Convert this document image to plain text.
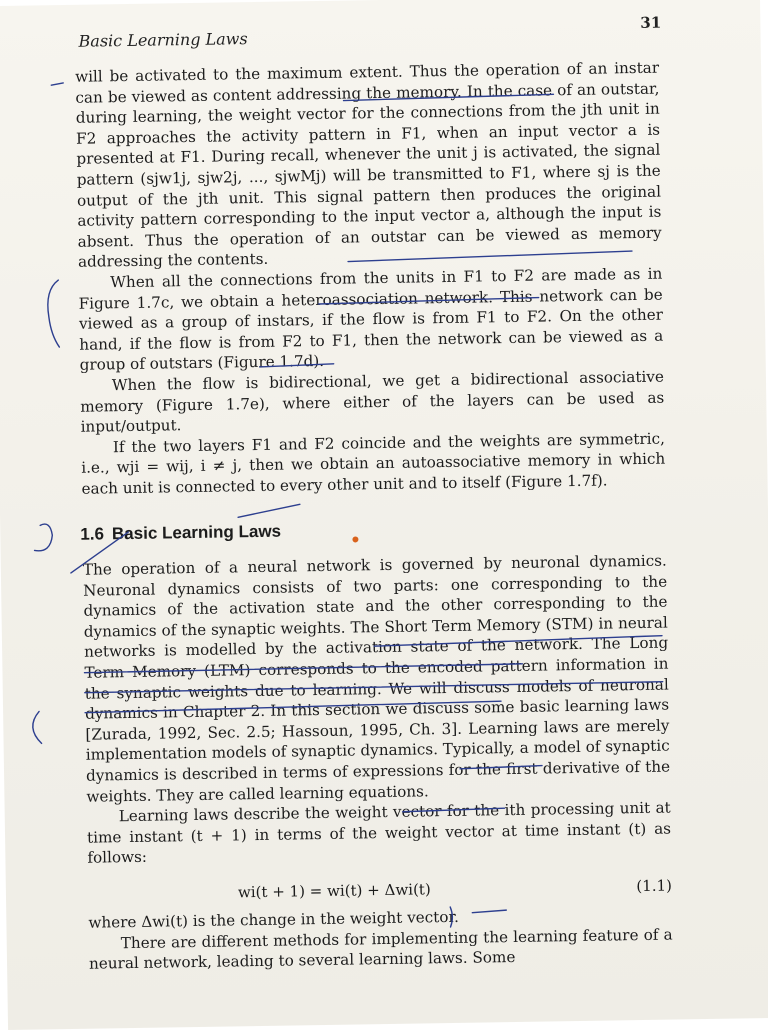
Basic Learning Laws
31

will be activated to the maximum extent. Thus the operation of an instar can be viewed as content addressing the memory. In the case of an outstar, during learning, the weight vector for the connections from the jth unit in F2 approaches the activity pattern in F1, when an input vector a is presented at F1. During recall, whenever the unit j is activated, the signal pattern (sjw1j, sjw2j, ..., sjwMj) will be transmitted to F1, where sj is the output of the jth unit. This signal pattern then produces the original activity pattern corresponding to the input vector a, although the input is absent. Thus the operation of an outstar can be viewed as memory addressing the contents.

When all the connections from the units in F1 to F2 are made as in Figure 1.7c, we obtain a heteroassociation network. This network can be viewed as a group of instars, if the flow is from F1 to F2. On the other hand, if the flow is from F2 to F1, then the network can be viewed as a group of outstars (Figure 1.7d).

When the flow is bidirectional, we get a bidirectional associative memory (Figure 1.7e), where either of the layers can be used as input/output.

If the two layers F1 and F2 coincide and the weights are symmetric, i.e., wji = wij, i ≠ j, then we obtain an autoassociative memory in which each unit is connected to every other unit and to itself (Figure 1.7f).

1.6 Basic Learning Laws

The operation of a neural network is governed by neuronal dynamics. Neuronal dynamics consists of two parts: one corresponding to the dynamics of the activation state and the other corresponding to the dynamics of the synaptic weights. The Short Term Memory (STM) in neural networks is modelled by the activation state of the network. The Long Term Memory (LTM) corresponds to the encoded pattern information in the synaptic weights due to learning. We will discuss models of neuronal dynamics in Chapter 2. In this section we discuss some basic learning laws [Zurada, 1992, Sec. 2.5; Hassoun, 1995, Ch. 3]. Learning laws are merely implementation models of synaptic dynamics. Typically, a model of synaptic dynamics is described in terms of expressions for the first derivative of the weights. They are called learning equations.

Learning laws describe the weight vector for the ith processing unit at time instant (t + 1) in terms of the weight vector at time instant (t) as follows:

wi(t + 1) = wi(t) + Δwi(t)	(1.1)

where Δwi(t) is the change in the weight vector.

There are different methods for implementing the learning feature of a neural network, leading to several learning laws. Some
